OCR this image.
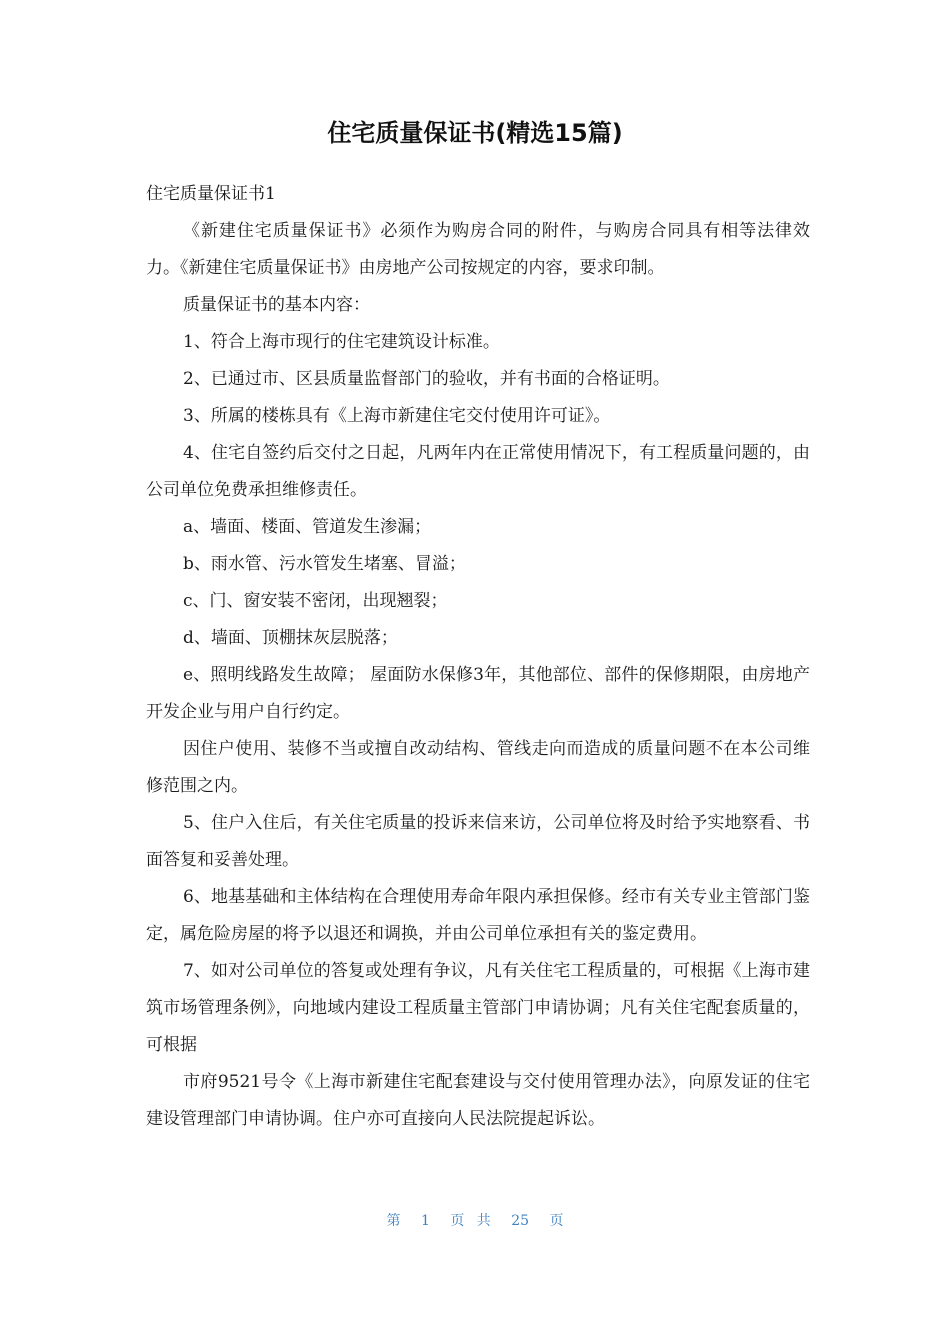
住宅质量保证书(精选15篇)

住宅质量保证书1

《新建住宅质量保证书》必须作为购房合同的附件，与购房合同具有相等法律效力。《新建住宅质量保证书》由房地产公司按规定的内容，要求印制。

质量保证书的基本内容：

1、符合上海市现行的住宅建筑设计标准。

2、已通过市、区县质量监督部门的验收，并有书面的合格证明。

3、所属的楼栋具有《上海市新建住宅交付使用许可证》。

4、住宅自签约后交付之日起，凡两年内在正常使用情况下，有工程质量问题的，由公司单位免费承担维修责任。

a、墙面、楼面、管道发生渗漏；

b、雨水管、污水管发生堵塞、冒溢；

c、门、窗安装不密闭，出现翘裂；

d、墙面、顶棚抹灰层脱落；

e、照明线路发生故障； 屋面防水保修3年，其他部位、部件的保修期限，由房地产开发企业与用户自行约定。

因住户使用、装修不当或擅自改动结构、管线走向而造成的质量问题不在本公司维修范围之内。

5、住户入住后，有关住宅质量的投诉来信来访，公司单位将及时给予实地察看、书面答复和妥善处理。

6、地基基础和主体结构在合理使用寿命年限内承担保修。经市有关专业主管部门鉴定，属危险房屋的将予以退还和调换，并由公司单位承担有关的鉴定费用。

7、如对公司单位的答复或处理有争议，凡有关住宅工程质量的，可根据《上海市建筑市场管理条例》，向地域内建设工程质量主管部门申请协调；凡有关住宅配套质量的，可根据

市府9521号令《上海市新建住宅配套建设与交付使用管理办法》，向原发证的住宅建设管理部门申请协调。住户亦可直接向人民法院提起诉讼。

第 1 页 共 25 页
